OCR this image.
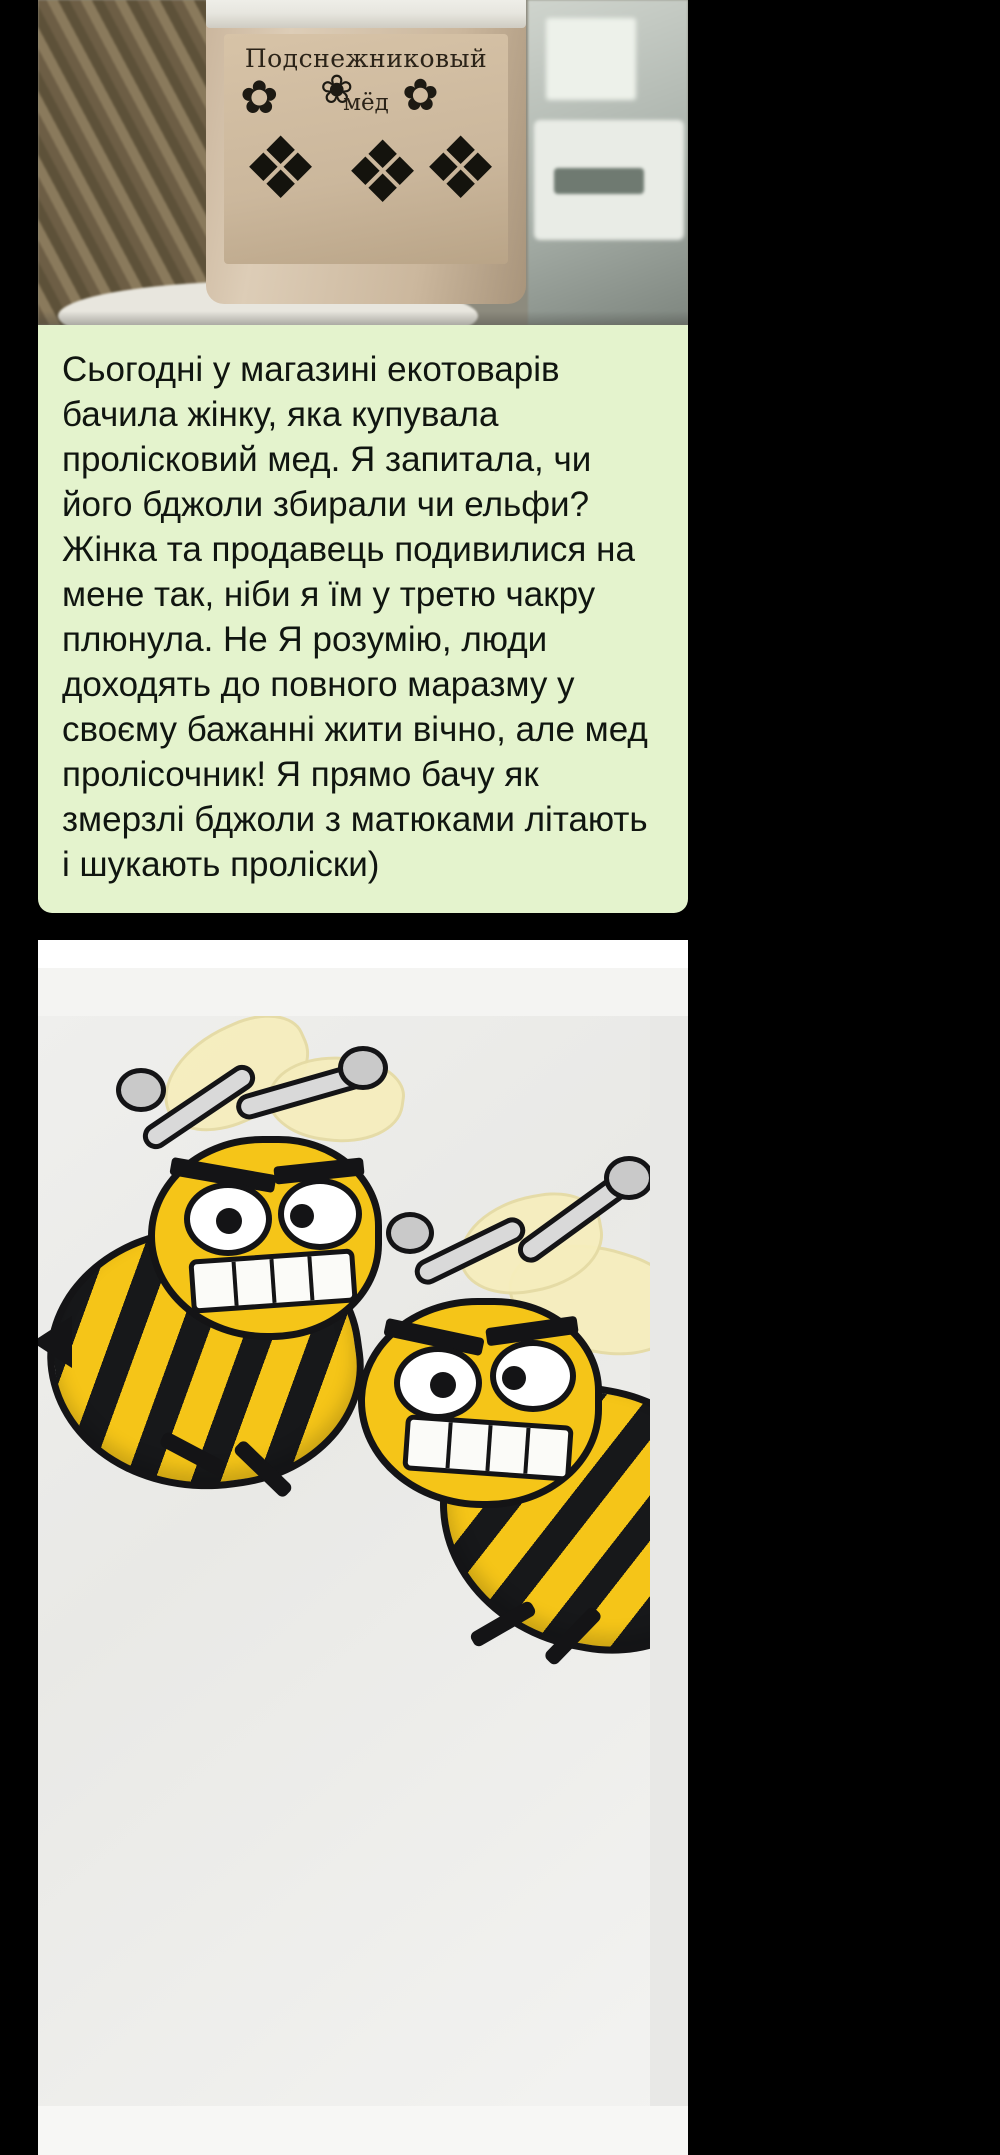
Подснежниковый
✿ ❀ ✿
мёд
❖ ❖ ❖
Сьогодні у магазині екотоварів бачила жінку, яка купувала проліcковий мед. Я запитала, чи його бджоли збирали чи ельфи? Жінка та продавець подивилися на мене так, ніби я їм у третю чакру плюнула. Не Я розумію, люди доходять до повного маразму у своєму бажанні жити вічно, але мед пролісочник! Я прямо бачу як змерзлі бджоли з матюками літають і шукають проліски)
